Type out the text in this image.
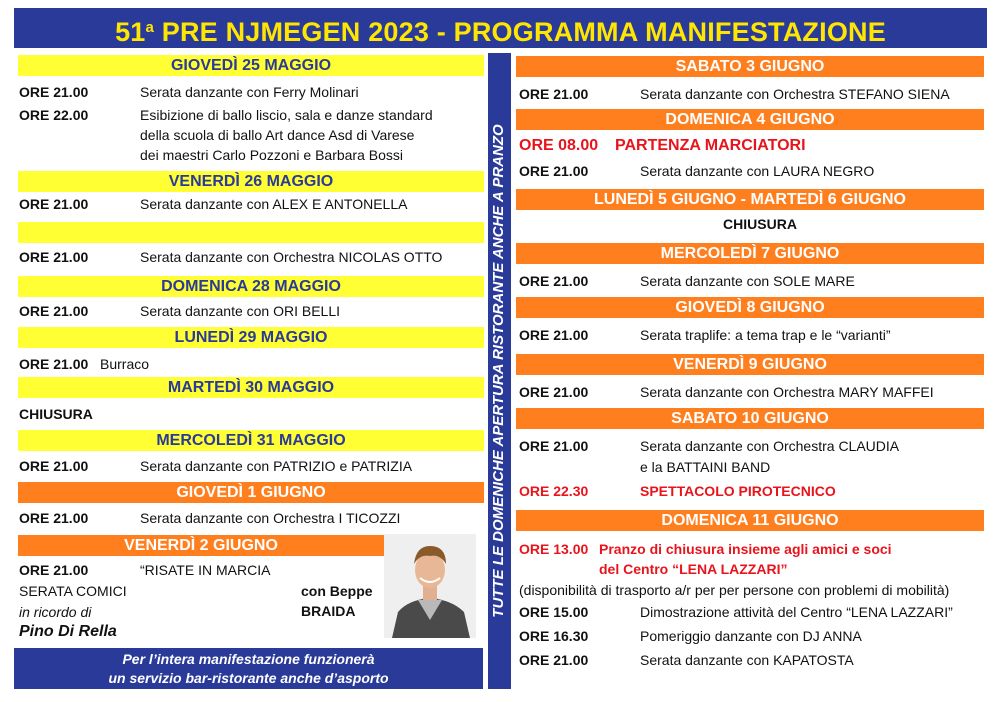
51$^a$ PRE NJMEGEN 2023 - PROGRAMMA MANIFESTAZIONE
GIOVEDÌ 25 MAGGIO
ORE 21.00	Serata danzante con Ferry Molinari
ORE 22.00	Esibizione di ballo liscio, sala e danze standard
della scuola di ballo Art dance Asd di Varese
dei maestri Carlo Pozzoni e Barbara Bossi
VENERDÌ 26 MAGGIO
ORE 21.00	Serata danzante con ALEX E ANTONELLA
ORE 21.00	Serata danzante con Orchestra NICOLAS OTTO
DOMENICA 28 MAGGIO
ORE 21.00	Serata danzante con ORI BELLI
LUNEDÌ 29 MAGGIO
ORE 21.00 Burraco
MARTEDÌ 30 MAGGIO
CHIUSURA
MERCOLEDÌ 31 MAGGIO
ORE 21.00	Serata danzante con PATRIZIO e PATRIZIA
GIOVEDÌ 1 GIUGNO
ORE 21.00	Serata danzante con Orchestra I TICOZZI
VENERDÌ 2 GIUGNO
ORE 21.00	“RISATE IN MARCIA
SERATA COMICI
in ricordo di
Pino Di Rella
con Beppe
BRAIDA
Per l’intera manifestazione funzionerà
un servizio bar-ristorante anche d’asporto
TUTTE LE DOMENICHE APERTURA RISTORANTE ANCHE A PRANZO
SABATO 3 GIUGNO
ORE 21.00	Serata danzante con Orchestra STEFANO SIENA
DOMENICA 4 GIUGNO
ORE 08.00 PARTENZA MARCIATORI
ORE 21.00	Serata danzante con LAURA NEGRO
LUNEDÌ 5 GIUGNO - MARTEDÌ 6 GIUGNO
CHIUSURA
MERCOLEDÌ 7 GIUGNO
ORE 21.00	Serata danzante con SOLE MARE
GIOVEDÌ 8 GIUGNO
ORE 21.00	Serata traplife: a tema trap e le “varianti”
VENERDÌ 9 GIUGNO
ORE 21.00	Serata danzante con Orchestra MARY MAFFEI
SABATO 10 GIUGNO
ORE 21.00	Serata danzante con Orchestra CLAUDIA
e la BATTAINI BAND
ORE 22.30	SPETTACOLO PIROTECNICO
DOMENICA 11 GIUGNO
ORE 13.00 Pranzo di chiusura insieme agli amici e soci
del Centro “LENA LAZZARI”
(disponibilità di trasporto a/r per per persone con problemi di mobilità)
ORE 15.00	Dimostrazione attività del Centro “LENA LAZZARI”
ORE 16.30	Pomeriggio danzante con DJ ANNA
ORE 21.00	Serata danzante con KAPATOSTA
